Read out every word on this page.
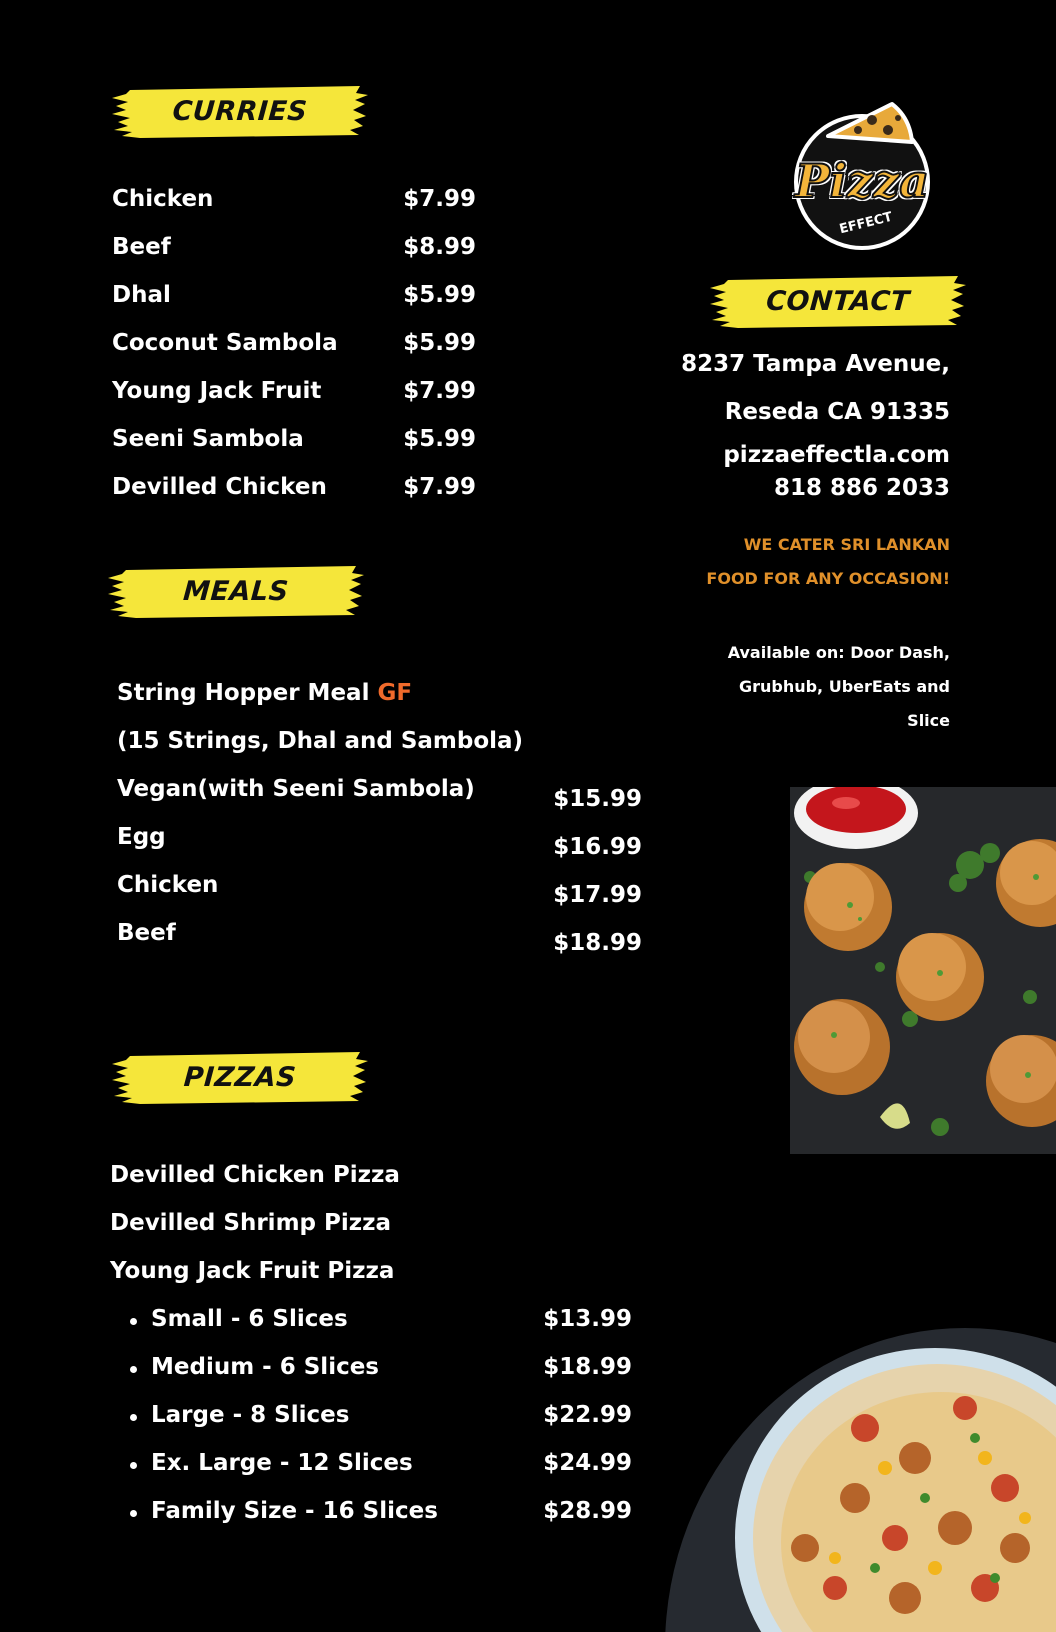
CURRIES
Chicken	$7.99
Beef	$8.99
Dhal	$5.99
Coconut Sambola	$5.99
Young Jack Fruit	$7.99
Seeni Sambola	$5.99
Devilled Chicken	$7.99
MEALS
String Hopper Meal GF
(15 Strings, Dhal and Sambola)
Vegan(with Seeni Sambola)	$15.99
Egg	$16.99
Chicken	$17.99
Beef	$18.99
PIZZAS
Devilled Chicken Pizza
Devilled Shrimp Pizza
Young Jack Fruit Pizza
Small - 6 Slices	$13.99
Medium - 6 Slices	$18.99
Large - 8 Slices	$22.99
Ex. Large - 12 Slices	$24.99
Family Size - 16 Slices	$28.99
Pizza
EFFECT
CONTACT
8237 Tampa Avenue,
Reseda CA 91335
pizzaeffectla.com
818 886 2033
WE CATER SRI LANKAN FOOD FOR ANY OCCASION!
Available on: Door Dash, Grubhub, UberEats and Slice
